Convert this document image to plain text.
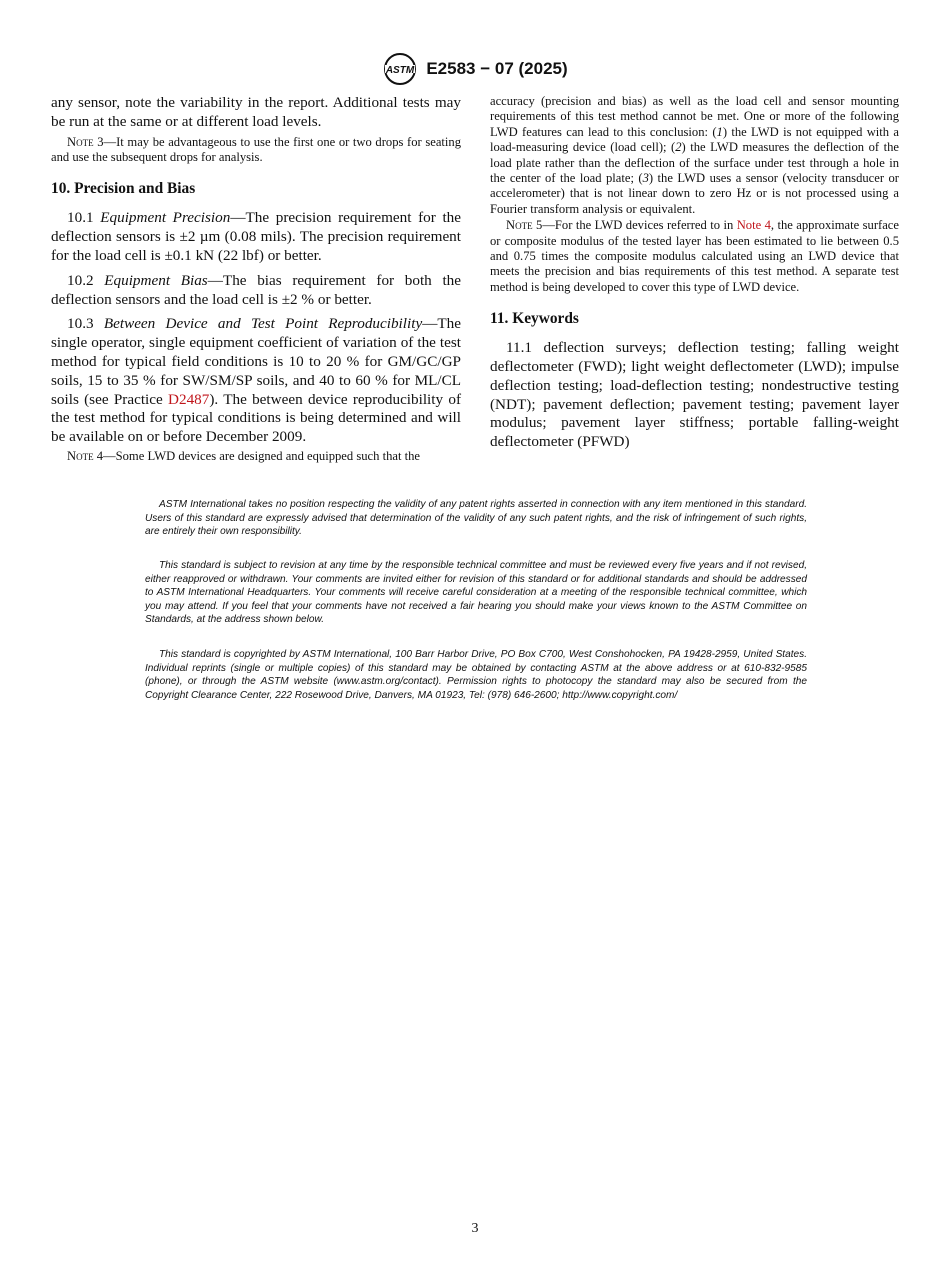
ASTM E2583 − 07 (2025)

any sensor, note the variability in the report. Additional tests may be run at the same or at different load levels.

Note 3—It may be advantageous to use the first one or two drops for seating and use the subsequent drops for analysis.

10. Precision and Bias

10.1 Equipment Precision—The precision requirement for the deflection sensors is ±2 µm (0.08 mils). The precision requirement for the load cell is ±0.1 kN (22 lbf) or better.

10.2 Equipment Bias—The bias requirement for both the deflection sensors and the load cell is ±2 % or better.

10.3 Between Device and Test Point Reproducibility—The single operator, single equipment coefficient of variation of the test method for typical field conditions is 10 to 20 % for GM/GC/GP soils, 15 to 35 % for SW/SM/SP soils, and 40 to 60 % for ML/CL soils (see Practice D2487). The between device reproducibility of the test method for typical conditions is being determined and will be available on or before December 2009.

Note 4—Some LWD devices are designed and equipped such that the

accuracy (precision and bias) as well as the load cell and sensor mounting requirements of this test method cannot be met. One or more of the following LWD features can lead to this conclusion: (1) the LWD is not equipped with a load-measuring device (load cell); (2) the LWD measures the deflection of the load plate rather than the deflection of the surface under test through a hole in the center of the load plate; (3) the LWD uses a sensor (velocity transducer or accelerometer) that is not linear down to zero Hz or is not processed using a Fourier transform analysis or equivalent.

Note 5—For the LWD devices referred to in Note 4, the approximate surface or composite modulus of the tested layer has been estimated to lie between 0.5 and 0.75 times the composite modulus calculated using an LWD device that meets the precision and bias requirements of this test method. A separate test method is being developed to cover this type of LWD device.

11. Keywords

11.1 deflection surveys; deflection testing; falling weight deflectometer (FWD); light weight deflectometer (LWD); impulse deflection testing; load-deflection testing; nondestructive testing (NDT); pavement deflection; pavement testing; pavement layer modulus; pavement layer stiffness; portable falling-weight deflectometer (PFWD)

ASTM International takes no position respecting the validity of any patent rights asserted in connection with any item mentioned in this standard. Users of this standard are expressly advised that determination of the validity of any such patent rights, and the risk of infringement of such rights, are entirely their own responsibility.

This standard is subject to revision at any time by the responsible technical committee and must be reviewed every five years and if not revised, either reapproved or withdrawn. Your comments are invited either for revision of this standard or for additional standards and should be addressed to ASTM International Headquarters. Your comments will receive careful consideration at a meeting of the responsible technical committee, which you may attend. If you feel that your comments have not received a fair hearing you should make your views known to the ASTM Committee on Standards, at the address shown below.

This standard is copyrighted by ASTM International, 100 Barr Harbor Drive, PO Box C700, West Conshohocken, PA 19428-2959, United States. Individual reprints (single or multiple copies) of this standard may be obtained by contacting ASTM at the above address or at 610-832-9585 (phone), or through the ASTM website (www.astm.org/contact). Permission rights to photocopy the standard may also be secured from the Copyright Clearance Center, 222 Rosewood Drive, Danvers, MA 01923, Tel: (978) 646-2600; http://www.copyright.com/

3
